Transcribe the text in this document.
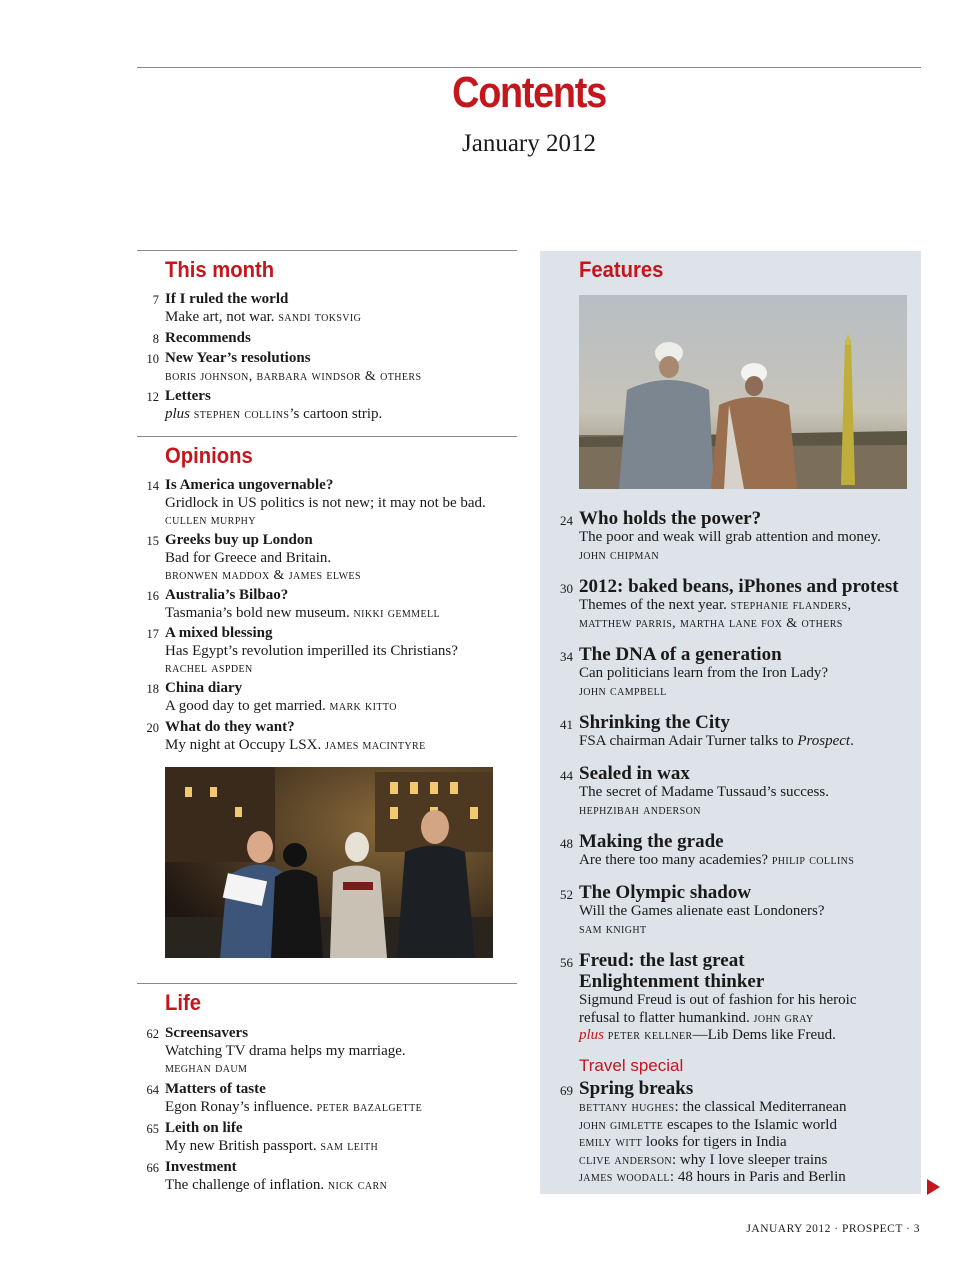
Contents
January 2012
This month
7 If I ruled the world
Make art, not war. sandi toksvig
8 Recommends
10 New Year’s resolutions
boris johnson, barbara windsor & others
12 Letters
plus stephen collins’s cartoon strip.
Opinions
14 Is America ungovernable?
Gridlock in US politics is not new; it may not be bad.
cullen murphy
15 Greeks buy up London
Bad for Greece and Britain.
bronwen maddox & james elwes
16 Australia’s Bilbao?
Tasmania’s bold new museum. nikki gemmell
17 A mixed blessing
Has Egypt’s revolution imperilled its Christians?
rachel aspden
18 China diary
A good day to get married. mark kitto
20 What do they want?
My night at Occupy LSX. james macintyre
Life
62 Screensavers
Watching TV drama helps my marriage.
meghan daum
64 Matters of taste
Egon Ronay’s influence. peter bazalgette
65 Leith on life
My new British passport. sam leith
66 Investment
The challenge of inflation. nick carn
Features
24 Who holds the power?
The poor and weak will grab attention and money.
john chipman
30 2012: baked beans, iPhones and protest
Themes of the next year. stephanie flanders,
matthew parris, martha lane fox & others
34 The DNA of a generation
Can politicians learn from the Iron Lady?
john campbell
41 Shrinking the City
FSA chairman Adair Turner talks to Prospect.
44 Sealed in wax
The secret of Madame Tussaud’s success.
hephzibah anderson
48 Making the grade
Are there too many academies? philip collins
52 The Olympic shadow
Will the Games alienate east Londoners?
sam knight
56 Freud: the last great
Enlightenment thinker
Sigmund Freud is out of fashion for his heroic
refusal to flatter humankind. john gray
plus peter kellner—Lib Dems like Freud.
Travel special
69 Spring breaks
bettany hughes: the classical Mediterranean
john gimlette escapes to the Islamic world
emily witt looks for tigers in India
clive anderson: why I love sleeper trains
james woodall: 48 hours in Paris and Berlin
JANUARY 2012 · PROSPECT · 3
